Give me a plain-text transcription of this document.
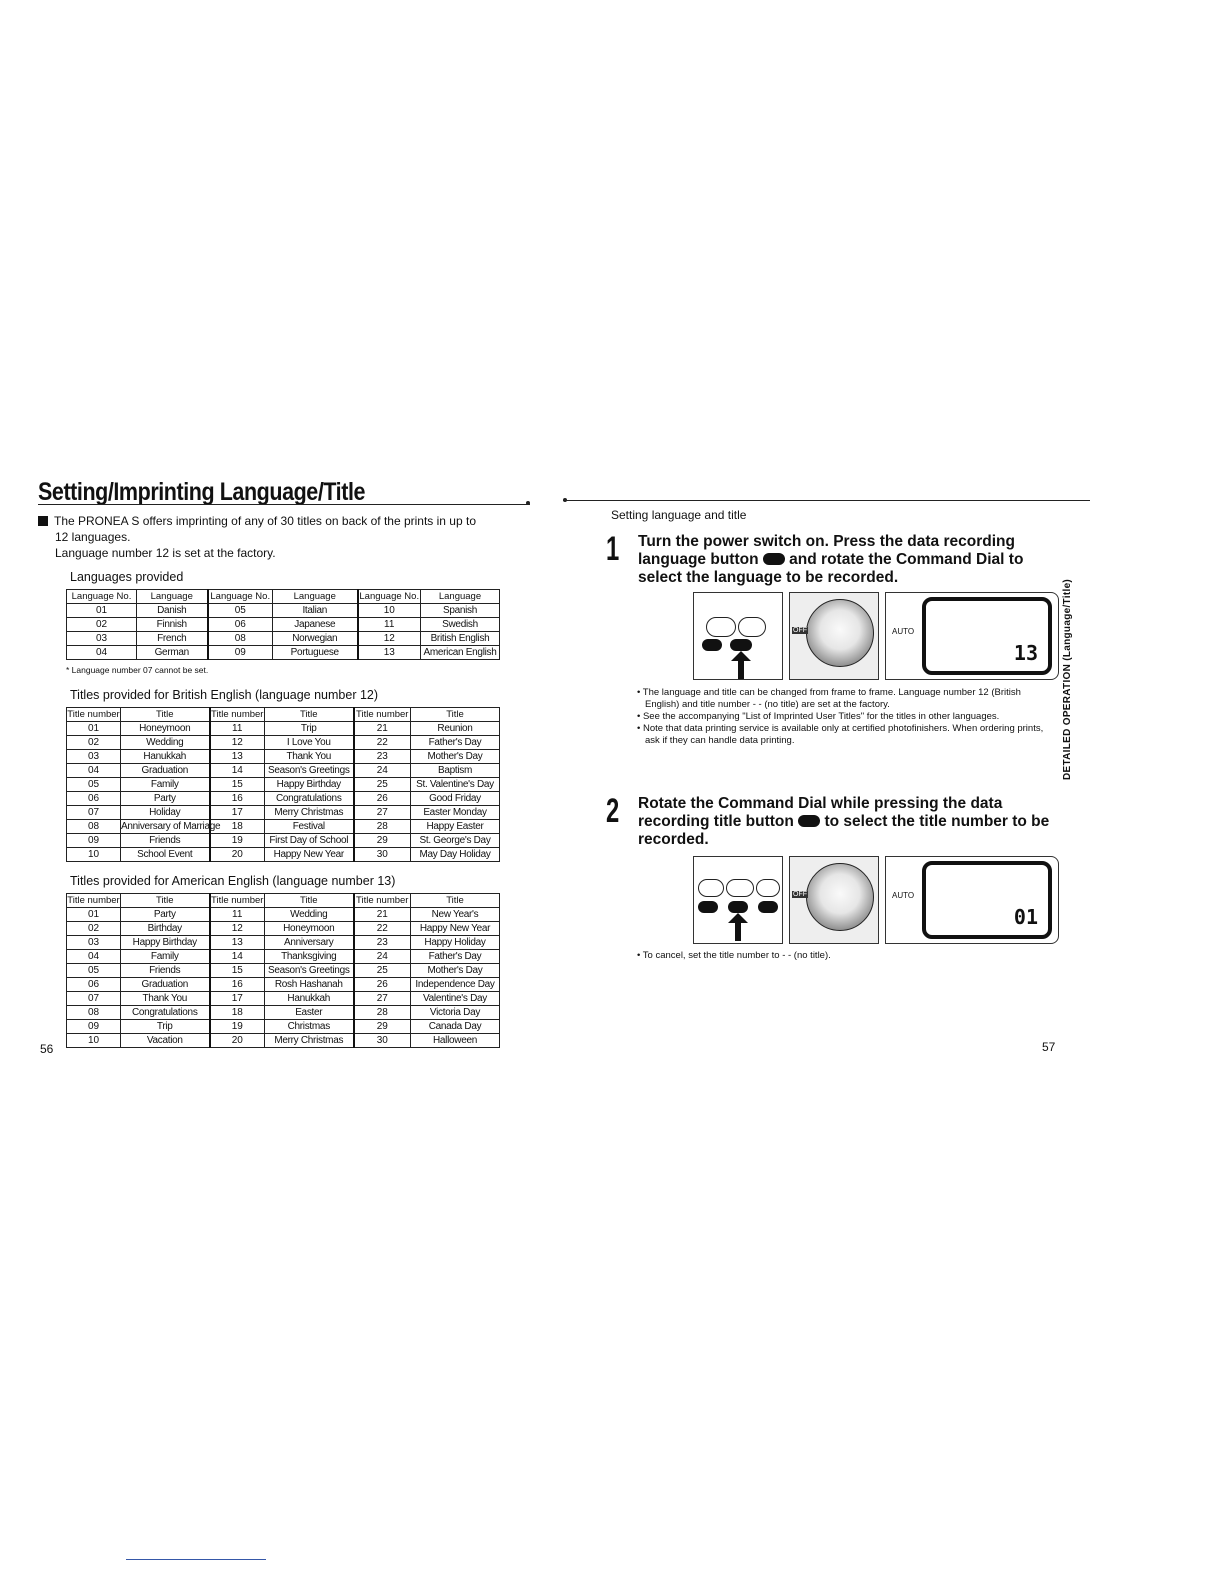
Setting/Imprinting Language/Title
The PRONEA S offers imprinting of any of 30 titles on back of the prints in up to
12 languages.
Language number 12 is set at the factory.
Languages provided
Language No.	Language	Language No.	Language	Language No.	Language
01	Danish	05	Italian	10	Spanish
02	Finnish	06	Japanese	11	Swedish
03	French	08	Norwegian	12	British English
04	German	09	Portuguese	13	American English
* Language number 07 cannot be set.
Titles provided for British English (language number 12)
Title number	Title	Title number	Title	Title number	Title
01	Honeymoon	11	Trip	21	Reunion
02	Wedding	12	I Love You	22	Father's Day
03	Hanukkah	13	Thank You	23	Mother's Day
04	Graduation	14	Season's Greetings	24	Baptism
05	Family	15	Happy Birthday	25	St. Valentine's Day
06	Party	16	Congratulations	26	Good Friday
07	Holiday	17	Merry Christmas	27	Easter Monday
08	Anniversary of Marriage	18	Festival	28	Happy Easter
09	Friends	19	First Day of School	29	St. George's Day
10	School Event	20	Happy New Year	30	May Day Holiday
Titles provided for American English (language number 13)
Title number	Title	Title number	Title	Title number	Title
01	Party	11	Wedding	21	New Year's
02	Birthday	12	Honeymoon	22	Happy New Year
03	Happy Birthday	13	Anniversary	23	Happy Holiday
04	Family	14	Thanksgiving	24	Father's Day
05	Friends	15	Season's Greetings	25	Mother's Day
06	Graduation	16	Rosh Hashanah	26	Independence Day
07	Thank You	17	Hanukkah	27	Valentine's Day
08	Congratulations	18	Easter	28	Victoria Day
09	Trip	19	Christmas	29	Canada Day
10	Vacation	20	Merry Christmas	30	Halloween
56
Setting language and title
1 Turn the power switch on. Press the data recording
language button and rotate the Command Dial to
select the language to be recorded.
OFF	AUTO
13
• The language and title can be changed from frame to frame. Language number 12 (British English) and title number - - (no title) are set at the factory.
• See the accompanying "List of Imprinted User Titles" for the titles in other languages.
• Note that data printing service is available only at certified photofinishers. When ordering prints, ask if they can handle data printing.
2 Rotate the Command Dial while pressing the data
recording title button to select the title number to be
recorded.
OFF	AUTO
01
• To cancel, set the title number to - - (no title).
DETAILED OPERATION (Language/Title)
57
